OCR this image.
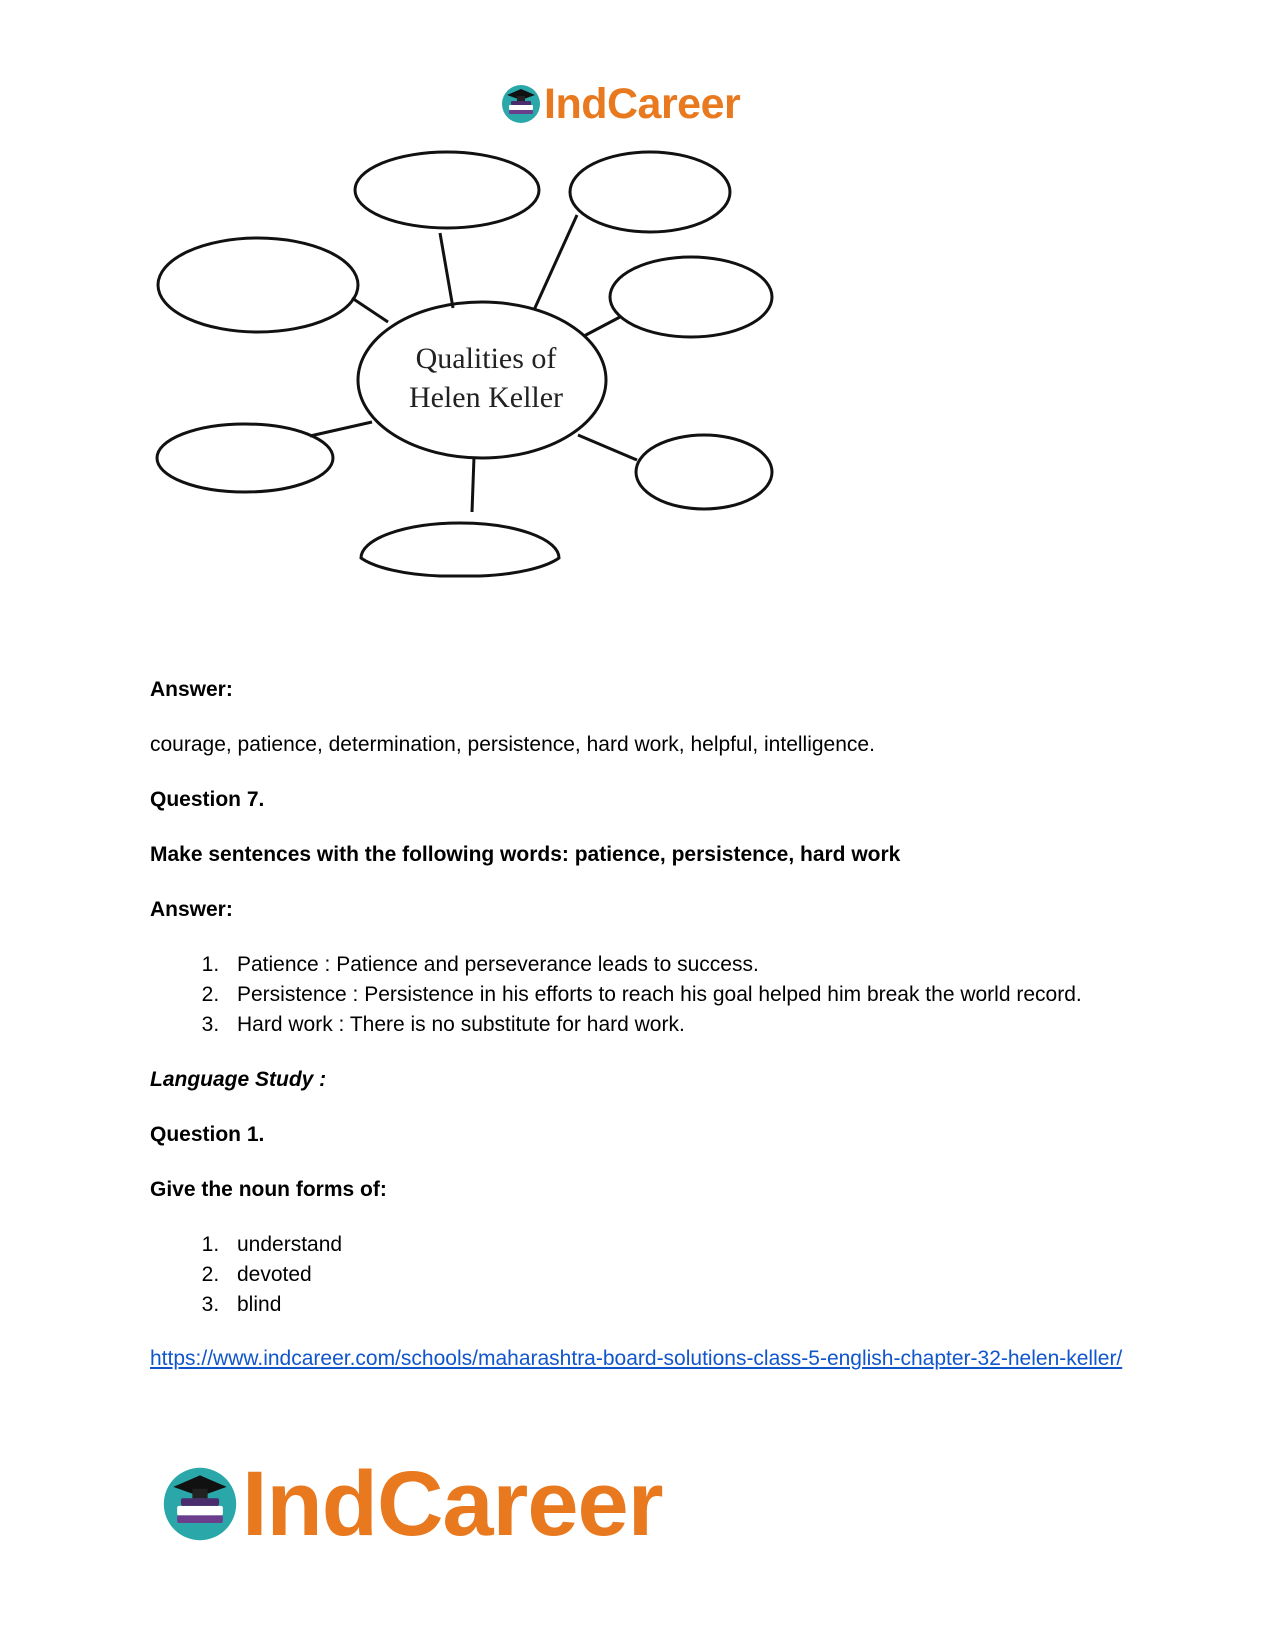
IndCareer
Qualities of
Helen Keller

Answer:

courage, patience, determination, persistence, hard work, helpful, intelligence.

Question 7.

Make sentences with the following words: patience, persistence, hard work

Answer:

1. Patience : Patience and perseverance leads to success.
2. Persistence : Persistence in his efforts to reach his goal helped him break the world record.
3. Hard work : There is no substitute for hard work.

Language Study :

Question 1.

Give the noun forms of:

1. understand
2. devoted
3. blind
https://www.indcareer.com/schools/maharashtra-board-solutions-class-5-english-chapter-32-helen-keller/
IndCareer
